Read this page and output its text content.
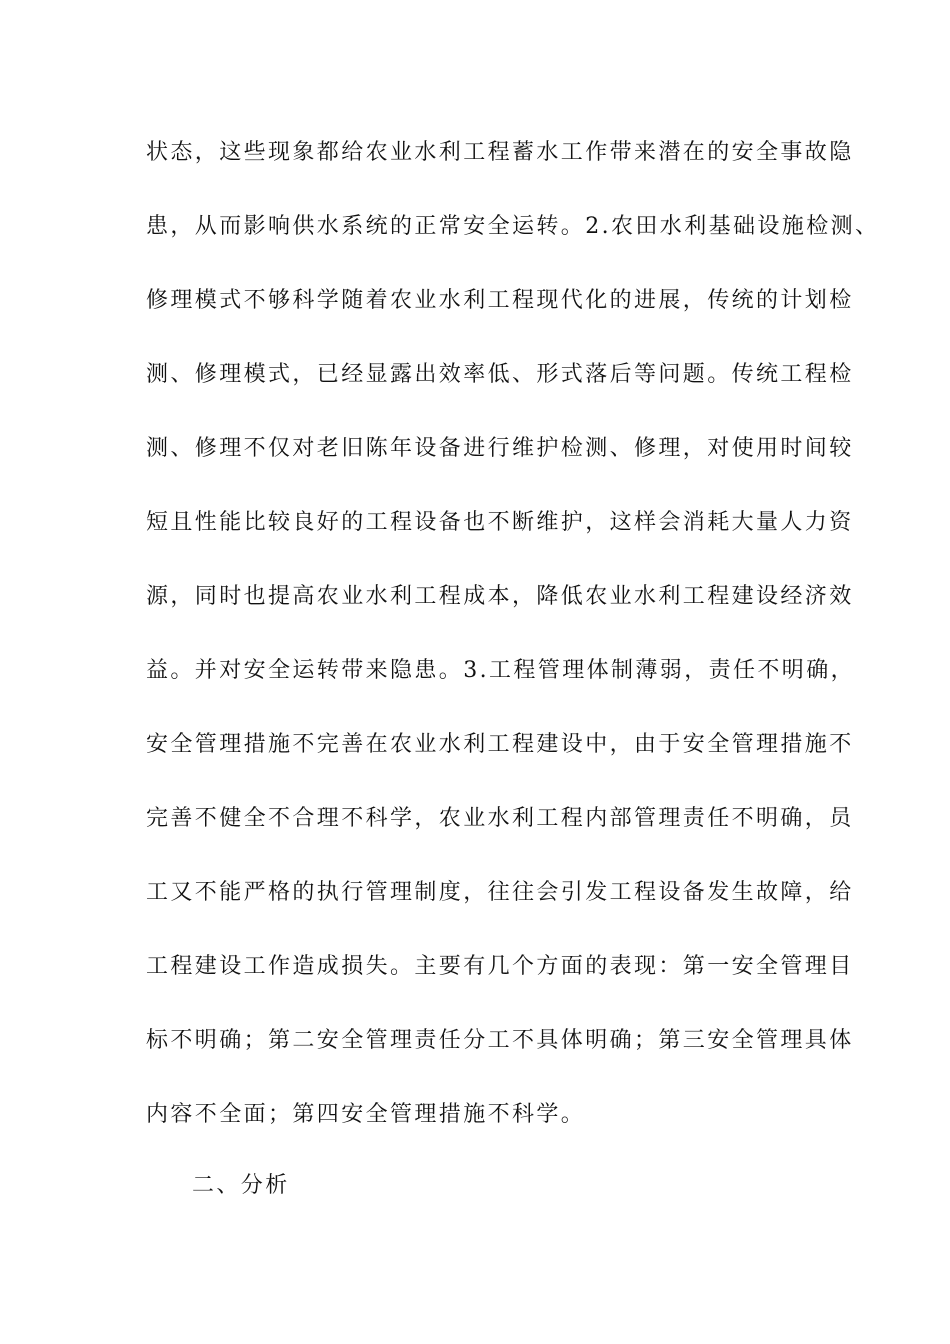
状态，这些现象都给农业水利工程蓄水工作带来潜在的安全事故隐
患，从而影响供水系统的正常安全运转。2.农田水利基础设施检测、
修理模式不够科学随着农业水利工程现代化的进展，传统的计划检
测、修理模式，已经显露出效率低、形式落后等问题。传统工程检
测、修理不仅对老旧陈年设备进行维护检测、修理，对使用时间较
短且性能比较良好的工程设备也不断维护，这样会消耗大量人力资
源，同时也提高农业水利工程成本，降低农业水利工程建设经济效
益。并对安全运转带来隐患。3.工程管理体制薄弱，责任不明确，
安全管理措施不完善在农业水利工程建设中，由于安全管理措施不
完善不健全不合理不科学，农业水利工程内部管理责任不明确，员
工又不能严格的执行管理制度，往往会引发工程设备发生故障，给
工程建设工作造成损失。主要有几个方面的表现：第一安全管理目
标不明确；第二安全管理责任分工不具体明确；第三安全管理具体
内容不全面；第四安全管理措施不科学。
二、分析
